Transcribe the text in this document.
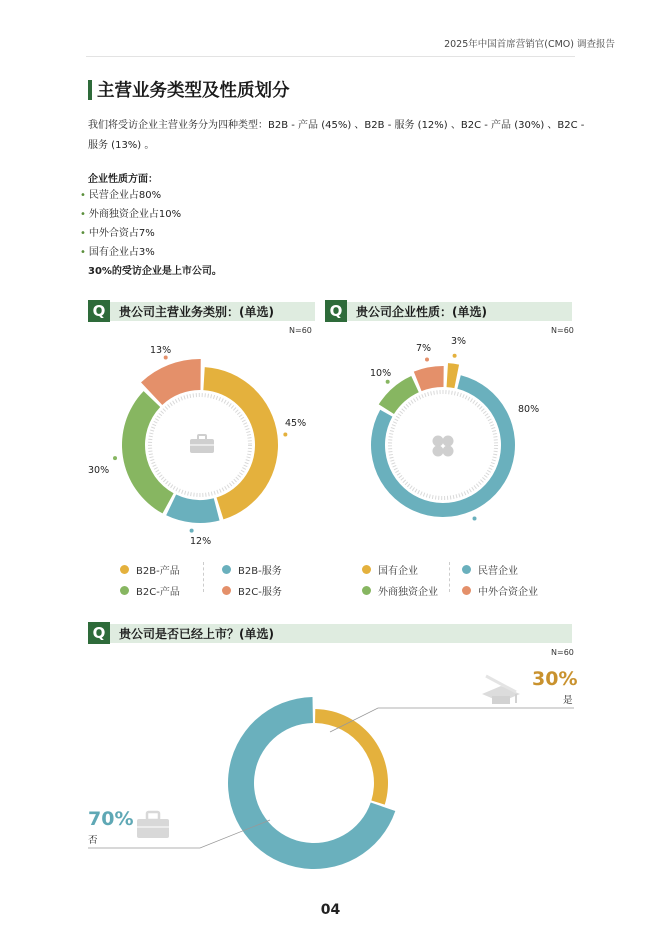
2025年中国首席营销官(CMO) 调查报告
主营业务类型及性质划分
我们将受访企业主营业务分为四种类型：B2B - 产品 (45%) 、B2B - 服务 (12%) 、B2C - 产品 (30%) 、B2C - 服务 (13%) 。
企业性质方面：
• 民营企业占80%
• 外商独资企业占10%
• 中外合资占7%
• 国有企业占3%
30%的受访企业是上市公司。
Q	贵公司主营业务类别：(单选)
N=60
13%
45%
12%
30%
B2B-产品	B2B-服务
B2C-产品	B2C-服务
Q	贵公司企业性质：(单选)
N=60
3%
80%
10%
7%
国有企业	民营企业
外商独资企业	中外合资企业
Q	贵公司是否已经上市？(单选)
N=60
30%
是
70%
否
04
